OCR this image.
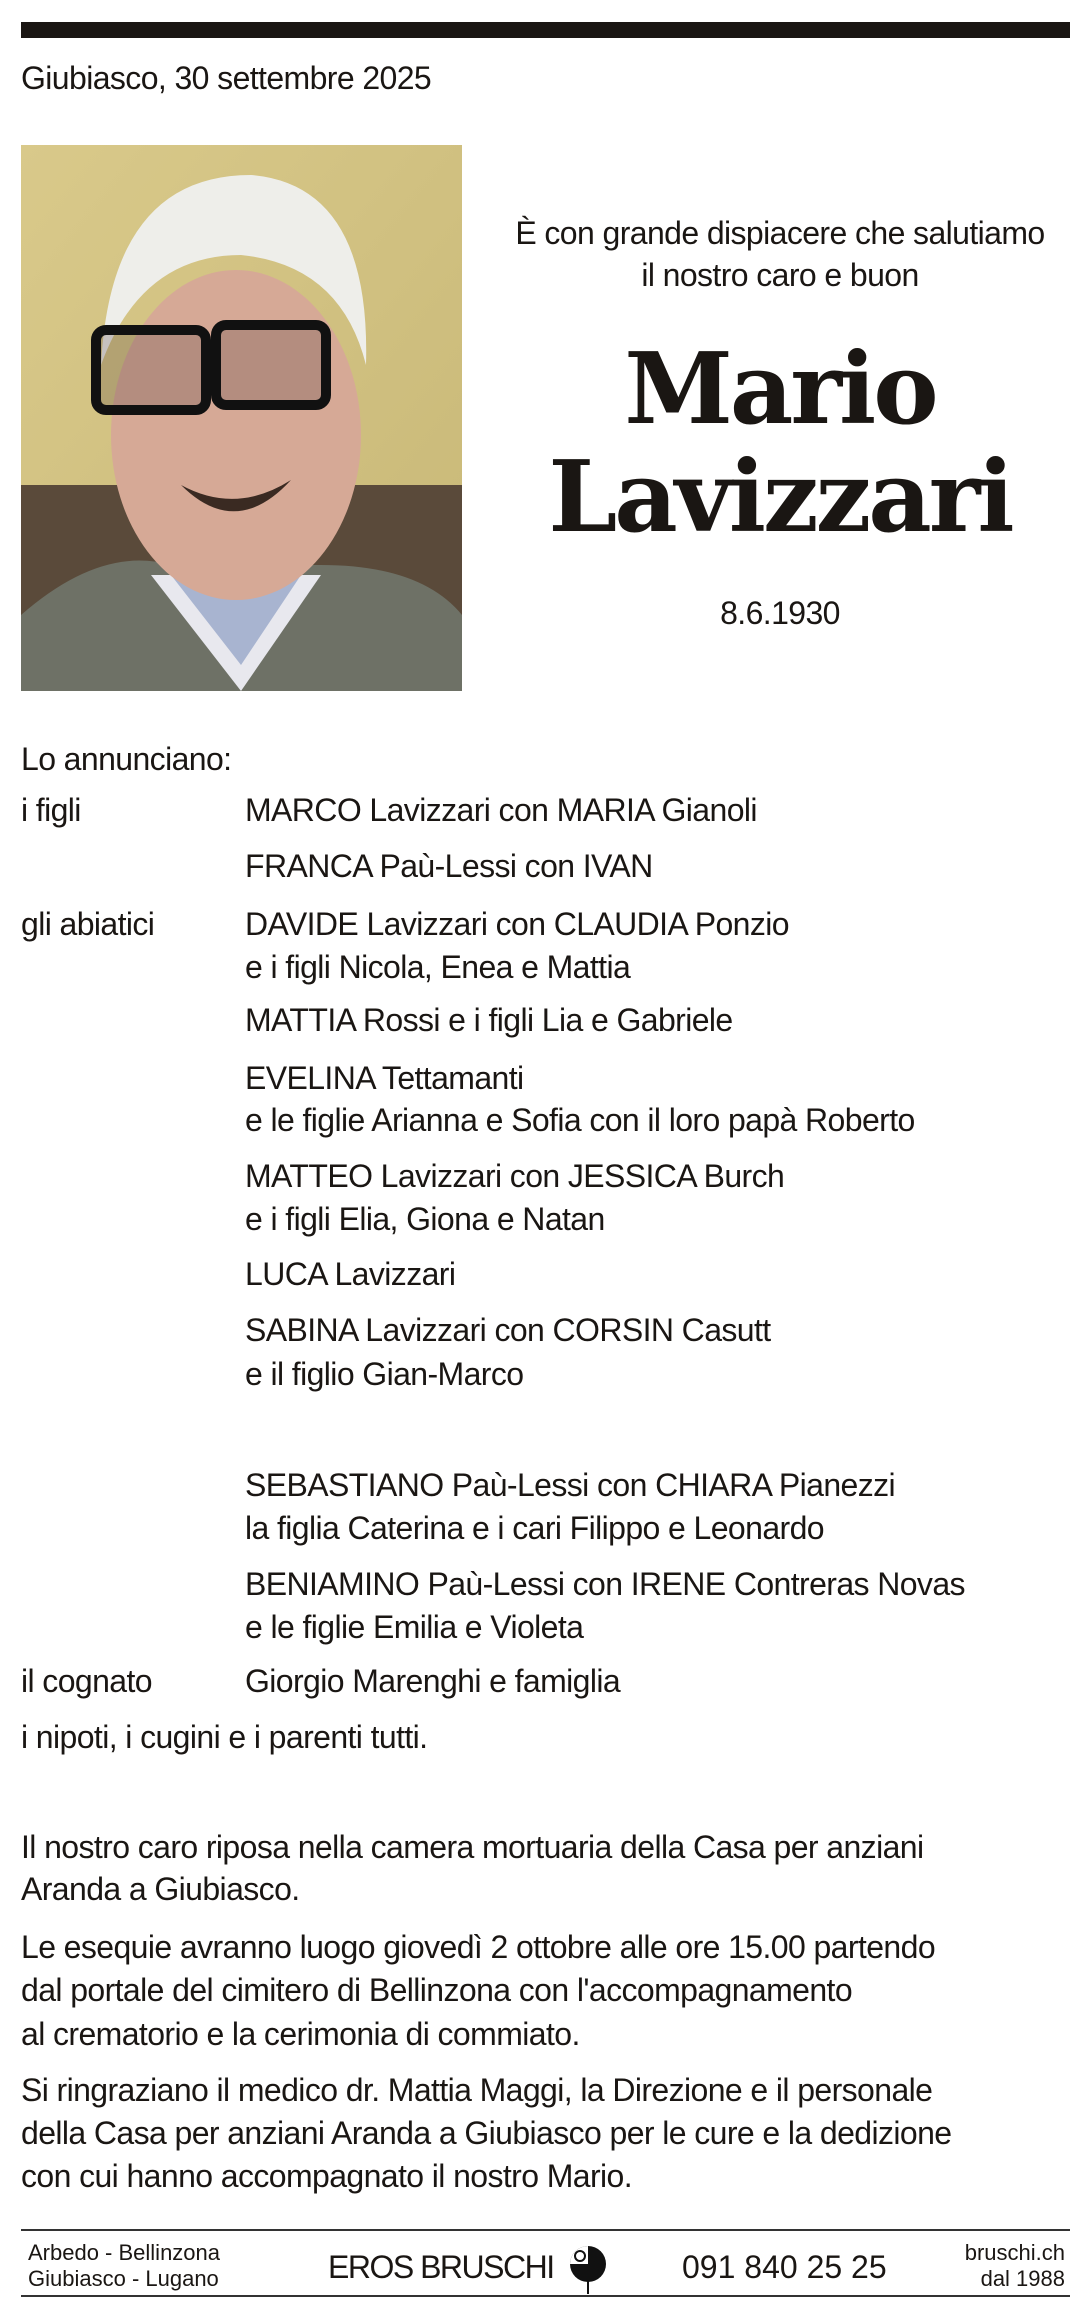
Giubiasco, 30 settembre 2025
È con grande dispiacere che salutiamo
il nostro caro e buon
Mario
Lavizzari
8.6.1930
Lo annunciano:
i figli	MARCO Lavizzari con MARIA Gianoli
FRANCA Paù-Lessi con IVAN
gli abiatici	DAVIDE Lavizzari con CLAUDIA Ponzio
e i figli Nicola, Enea e Mattia
MATTIA Rossi e i figli Lia e Gabriele
EVELINA Tettamanti
e le figlie Arianna e Sofia con il loro papà Roberto
MATTEO Lavizzari con JESSICA Burch
e i figli Elia, Giona e Natan
LUCA Lavizzari
SABINA Lavizzari con CORSIN Casutt
e il figlio Gian-Marco
SEBASTIANO Paù-Lessi con CHIARA Pianezzi
la figlia Caterina e i cari Filippo e Leonardo
BENIAMINO Paù-Lessi con IRENE Contreras Novas
e le figlie Emilia e Violeta
il cognato	Giorgio Marenghi e famiglia
i nipoti, i cugini e i parenti tutti.
Il nostro caro riposa nella camera mortuaria della Casa per anziani
Aranda a Giubiasco.
Le esequie avranno luogo giovedì 2 ottobre alle ore 15.00 partendo
dal portale del cimitero di Bellinzona con l'accompagnamento
al crematorio e la cerimonia di commiato.
Si ringraziano il medico dr. Mattia Maggi, la Direzione e il personale
della Casa per anziani Aranda a Giubiasco per le cure e la dedizione
con cui hanno accompagnato il nostro Mario.
Arbedo - Bellinzona
Giubiasco - Lugano	EROS BRUSCHI	091 840 25 25	bruschi.ch
dal 1988
